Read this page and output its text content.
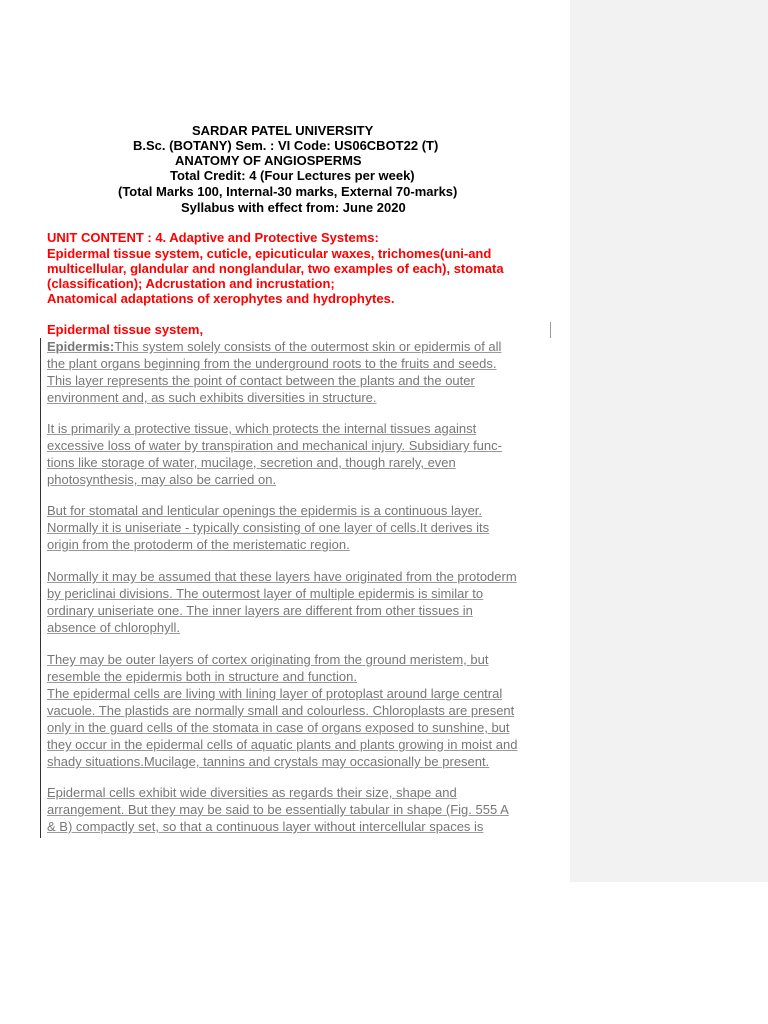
SARDAR PATEL UNIVERSITY
B.Sc. (BOTANY) Sem. : VI Code: US06CBOT22 (T)
ANATOMY OF ANGIOSPERMS
Total Credit: 4 (Four Lectures per week)
(Total Marks 100, Internal-30 marks, External 70-marks)
Syllabus with effect from: June 2020
UNIT CONTENT : 4. Adaptive and Protective Systems:
Epidermal tissue system, cuticle, epicuticular waxes, trichomes(uni-and
multicellular, glandular and nonglandular, two examples of each), stomata
(classification); Adcrustation and incrustation;
Anatomical adaptations of xerophytes and hydrophytes.
Epidermal tissue system,
Epidermis:This system solely consists of the outermost skin or epidermis of all
the plant organs beginning from the underground roots to the fruits and seeds.
This layer represents the point of contact between the plants and the outer
environment and, as such exhibits diversities in structure.
It is primarily a protective tissue, which protects the internal tissues against
excessive loss of water by transpiration and mechanical injury. Subsidiary func-
tions like storage of water, mucilage, secretion and, though rarely, even
photosynthesis, may also be carried on.
But for stomatal and lenticular openings the epidermis is a continuous layer.
Normally it is uniseriate - typically consisting of one layer of cells.It derives its
origin from the protoderm of the meristematic region.
Normally it may be assumed that these layers have originated from the protoderm
by periclinai divisions. The outermost layer of multiple epidermis is similar to
ordinary uniseriate one. The inner layers are different from other tissues in
absence of chlorophyll.
They may be outer layers of cortex originating from the ground meristem, but
resemble the epidermis both in structure and function.
The epidermal cells are living with lining layer of protoplast around large central
vacuole. The plastids are normally small and colourless. Chloroplasts are present
only in the guard cells of the stomata in case of organs exposed to sunshine, but
they occur in the epidermal cells of aquatic plants and plants growing in moist and
shady situations.Mucilage, tannins and crystals may occasionally be present.
Epidermal cells exhibit wide diversities as regards their size, shape and
arrangement. But they may be said to be essentially tabular in shape (Fig. 555 A
& B) compactly set, so that a continuous layer without intercellular spaces is
